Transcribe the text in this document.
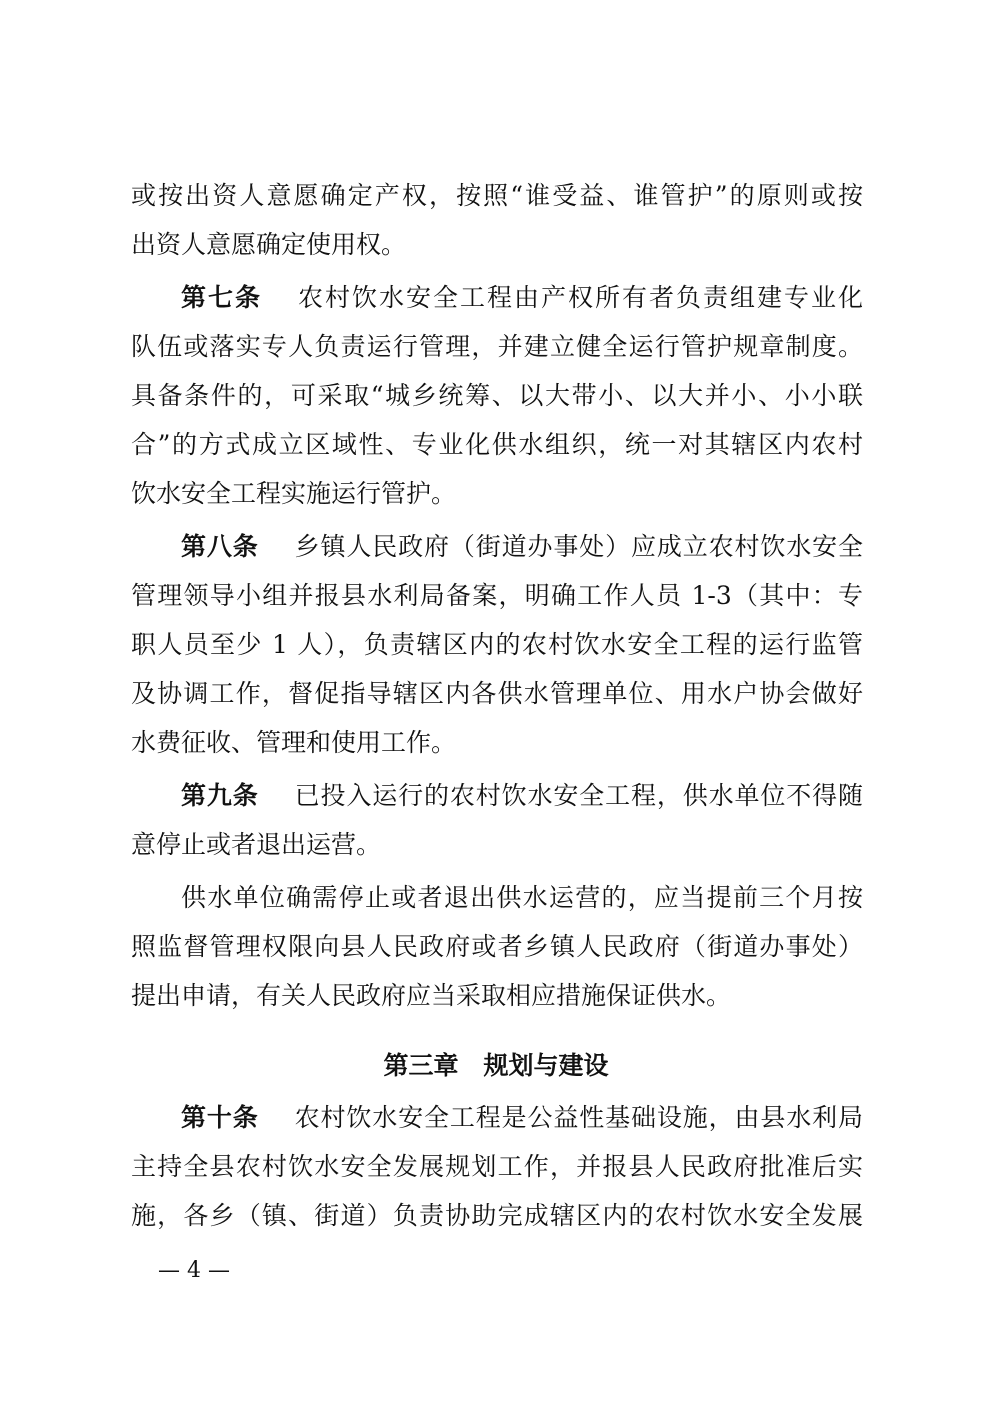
或按出资人意愿确定产权，按照“谁受益、谁管护”的原则或按
出资人意愿确定使用权。
第七条 农村饮水安全工程由产权所有者负责组建专业化
队伍或落实专人负责运行管理，并建立健全运行管护规章制度。
具备条件的，可采取“城乡统筹、以大带小、以大并小、小小联
合”的方式成立区域性、专业化供水组织，统一对其辖区内农村
饮水安全工程实施运行管护。
第八条 乡镇人民政府（街道办事处）应成立农村饮水安全
管理领导小组并报县水利局备案，明确工作人员 1-3（其中：专
职人员至少 1 人），负责辖区内的农村饮水安全工程的运行监管
及协调工作，督促指导辖区内各供水管理单位、用水户协会做好
水费征收、管理和使用工作。
第九条 已投入运行的农村饮水安全工程，供水单位不得随
意停止或者退出运营。
供水单位确需停止或者退出供水运营的，应当提前三个月按
照监督管理权限向县人民政府或者乡镇人民政府（街道办事处）
提出申请，有关人民政府应当采取相应措施保证供水。
第三章　规划与建设
第十条 农村饮水安全工程是公益性基础设施，由县水利局
主持全县农村饮水安全发展规划工作，并报县人民政府批准后实
施，各乡（镇、街道）负责协助完成辖区内的农村饮水安全发展
— 4 —
